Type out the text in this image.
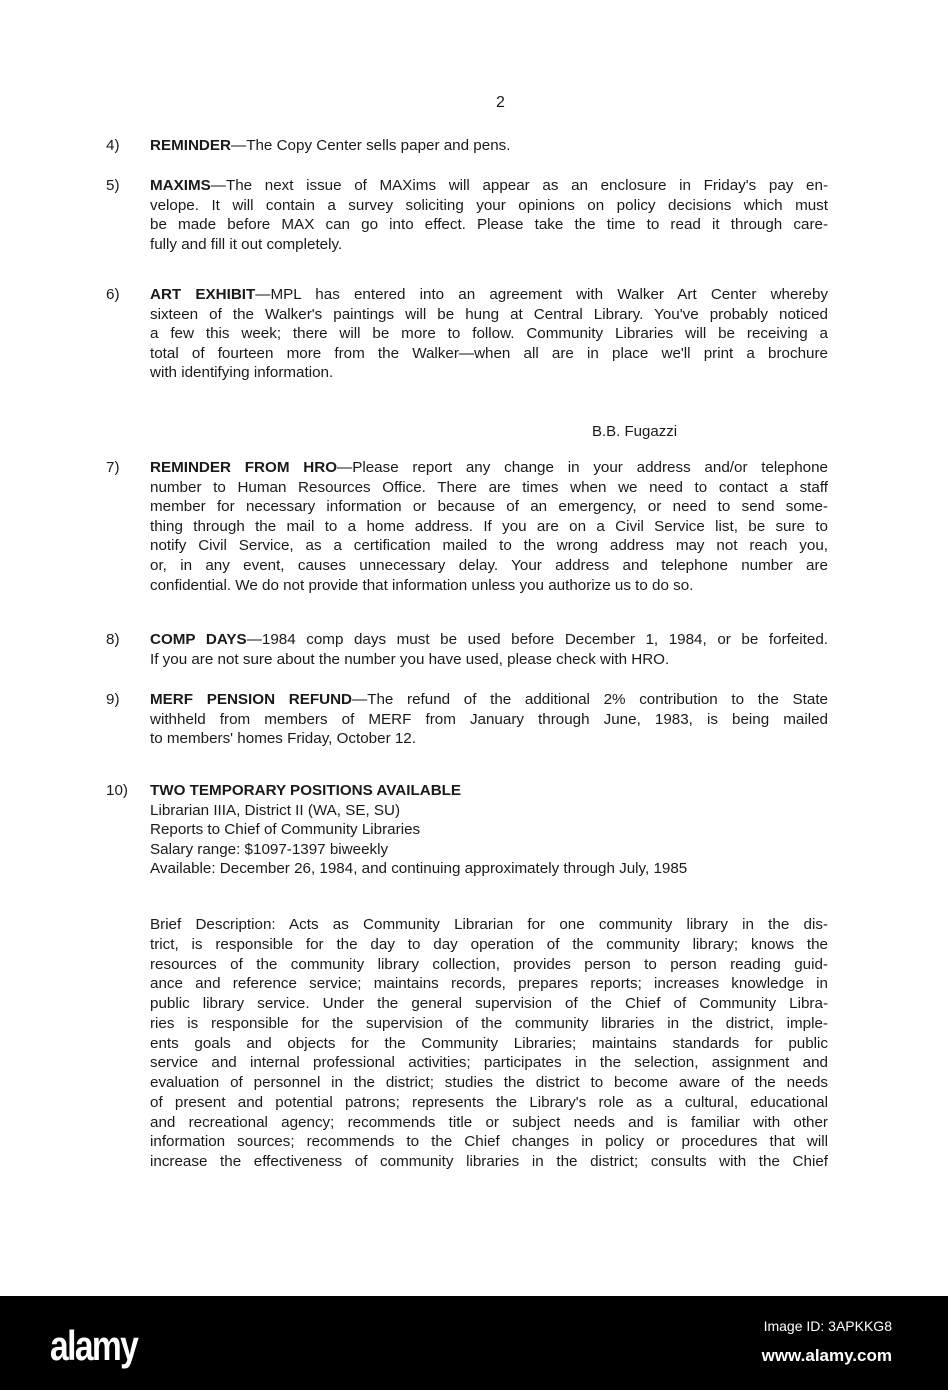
2
4)	REMINDER—The Copy Center sells paper and pens.
5)	MAXIMS—The next issue of MAXims will appear as an enclosure in Friday's pay en-
velope. It will contain a survey soliciting your opinions on policy decisions which must
be made before MAX can go into effect. Please take the time to read it through care-
fully and fill it out completely.
6)	ART EXHIBIT—MPL has entered into an agreement with Walker Art Center whereby
sixteen of the Walker's paintings will be hung at Central Library. You've probably noticed
a few this week; there will be more to follow. Community Libraries will be receiving a
total of fourteen more from the Walker—when all are in place we'll print a brochure
with identifying information.
7)	REMINDER FROM HRO—Please report any change in your address and/or telephone
number to Human Resources Office. There are times when we need to contact a staff
member for necessary information or because of an emergency, or need to send some-
thing through the mail to a home address. If you are on a Civil Service list, be sure to
notify Civil Service, as a certification mailed to the wrong address may not reach you,
or, in any event, causes unnecessary delay. Your address and telephone number are
confidential. We do not provide that information unless you authorize us to do so.
8)	COMP DAYS—1984 comp days must be used before December 1, 1984, or be forfeited.
If you are not sure about the number you have used, please check with HRO.
9)	MERF PENSION REFUND—The refund of the additional 2% contribution to the State
withheld from members of MERF from January through June, 1983, is being mailed
to members' homes Friday, October 12.
10)	TWO TEMPORARY POSITIONS AVAILABLE
Librarian IIIA, District II (WA, SE, SU)
Reports to Chief of Community Libraries
Salary range: $1097-1397 biweekly
Available: December 26, 1984, and continuing approximately through July, 1985
B.B. Fugazzi
Brief Description: Acts as Community Librarian for one community library in the dis-
trict, is responsible for the day to day operation of the community library; knows the
resources of the community library collection, provides person to person reading guid-
ance and reference service; maintains records, prepares reports; increases knowledge in
public library service. Under the general supervision of the Chief of Community Libra-
ries is responsible for the supervision of the community libraries in the district, imple-
ents goals and objects for the Community Libraries; maintains standards for public
service and internal professional activities; participates in the selection, assignment and
evaluation of personnel in the district; studies the district to become aware of the needs
of present and potential patrons; represents the Library's role as a cultural, educational
and recreational agency; recommends title or subject needs and is familiar with other
information sources; recommends to the Chief changes in policy or procedures that will
increase the effectiveness of community libraries in the district; consults with the Chief
alamy	Image ID: 3APKKG8
www.alamy.com
